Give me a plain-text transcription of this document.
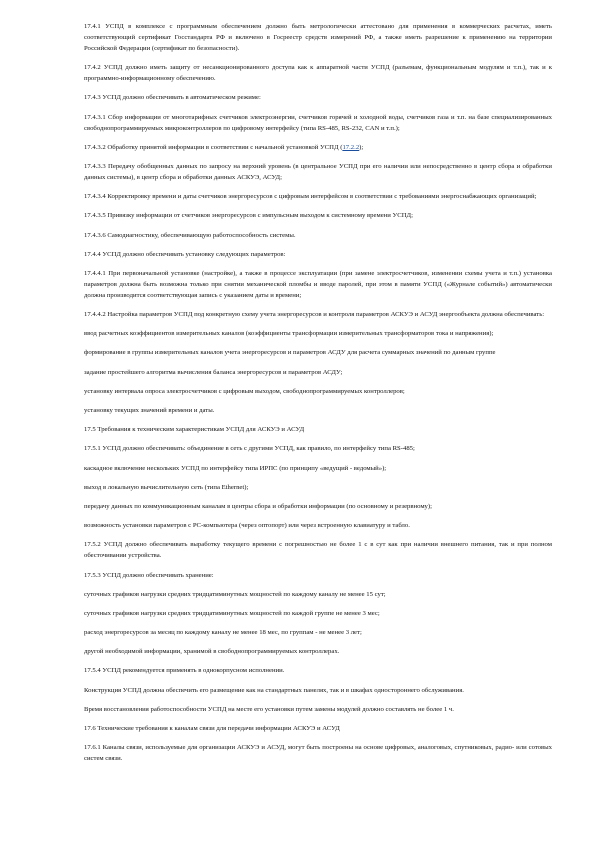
17.4.1 УСПД в комплексе с программным обеспечением должно быть метрологически аттестовано для применения в коммерческих расчетах, иметь соответствующий сертификат Госстандарта РФ и включено в Госреестр средств измерений РФ, а также иметь разрешение к применению на территории Российской Федерации (сертификат по безопасности).

17.4.2 УСПД должно иметь защиту от несанкционированного доступа как к аппаратной части УСПД (разъемам, функциональным модулям и т.п.), так и к программно-информационному обеспечению.

17.4.3 УСПД должно обеспечивать в автоматическом режиме:

17.4.3.1 Сбор информации от многотарифных счетчиков электроэнергии, счетчиков горячей и холодной воды, счетчиков газа и т.п. на базе специализированных свободнопрограммируемых микроконтроллеров по цифровому интерфейсу (типа RS-485, RS-232, CAN и т.п.);

17.4.3.2 Обработку принятой информации в соответствии с начальной установкой УСПД (17.2.2);

17.4.3.3 Передачу обобщенных данных по запросу на верхний уровень (в центральное УСПД при его наличии или непосредственно в центр сбора и обработки данных системы), в центр сбора и обработки данных АСКУЭ, АСУД;

17.4.3.4 Корректировку времени и даты счетчиков энергоресурсов с цифровым интерфейсом в соответствии с требованиями энергоснабжающих организаций;

17.4.3.5 Привязку информации от счетчиков энергоресурсов с импульсным выходом к системному времени УСПД;

17.4.3.6 Самодиагностику, обеспечивающую работоспособность системы.

17.4.4 УСПД должно обеспечивать установку следующих параметров:

17.4.4.1 При первоначальной установке (настройке), а также в процессе эксплуатации (при замене электросчетчиков, изменении схемы учета и т.п.) установка параметров должна быть возможна только при снятии механической пломбы и вводе паролей, при этом в памяти УСПД («Журнале событий») автоматически должна производится соответствующая запись с указанием даты и времени;

17.4.4.2 Настройка параметров УСПД под конкретную схему учета энергоресурсов и контроля параметров АСКУЭ и АСУД энергообъекта должна обеспечивать:

ввод расчетных коэффициентов измерительных каналов (коэффициенты трансформации измерительных трансформаторов тока и напряжения);

формирование в группы измерительных каналов учета энергоресурсов и параметров АСДУ для расчета суммарных значений по данным группе

задание простейшего алгоритма вычисления баланса энергоресурсов и параметров АСДУ;

установку интервала опроса электросчетчиков с цифровым выходом, свободнопрограммируемых контроллеров;

установку текущих значений времени и даты.

17.5 Требования к техническим характеристикам УСПД для АСКУЭ и АСУД

17.5.1 УСПД должно обеспечивать: объединение в сеть с другими УСПД, как правило, по интерфейсу типа RS-485;

каскадное включение нескольких УСПД по интерфейсу типа ИРПС (по принципу «ведущий - ведомый»);

выход в локальную вычислительную сеть (типа Ethernet);

передачу данных по коммуникационным каналам в центры сбора и обработки информации (по основному и резервному);

возможность установки параметров с PC-компьютера (через оптопорт) или через встроенную клавиатуру и табло.

17.5.2 УСПД должно обеспечивать выработку текущего времени с погрешностью не более 1 с в сут как при наличии внешнего питания, так и при полном обесточивании устройства.

17.5.3 УСПД должно обеспечивать хранение:

суточных графиков нагрузки средних тридцатиминутных мощностей по каждому каналу не менее 15 сут;

суточных графиков нагрузки средних тридцатиминутных мощностей по каждой группе не менее 3 мес;

расход энергоресурсов за месяц по каждому каналу не менее 18 мес, по группам - не менее 3 лет;

другой необходимой информации, хранимой в свободнопрограммируемых контроллерах.

17.5.4 УСПД рекомендуется применять в однокорпусном исполнении.

Конструкция УСПД должна обеспечить его размещение как на стандартных панелях, так и в шкафах одностороннего обслуживания.

Время восстановления работоспособности УСПД на месте его установки путем замены модулей должно составлять не более 1 ч.

17.6 Технические требования к каналам связи для передачи информации АСКУЭ и АСУД

17.6.1 Каналы связи, используемые для организации АСКУЭ и АСУД, могут быть построены на основе цифровых, аналоговых, спутниковых, радио- или сотовых систем связи.
